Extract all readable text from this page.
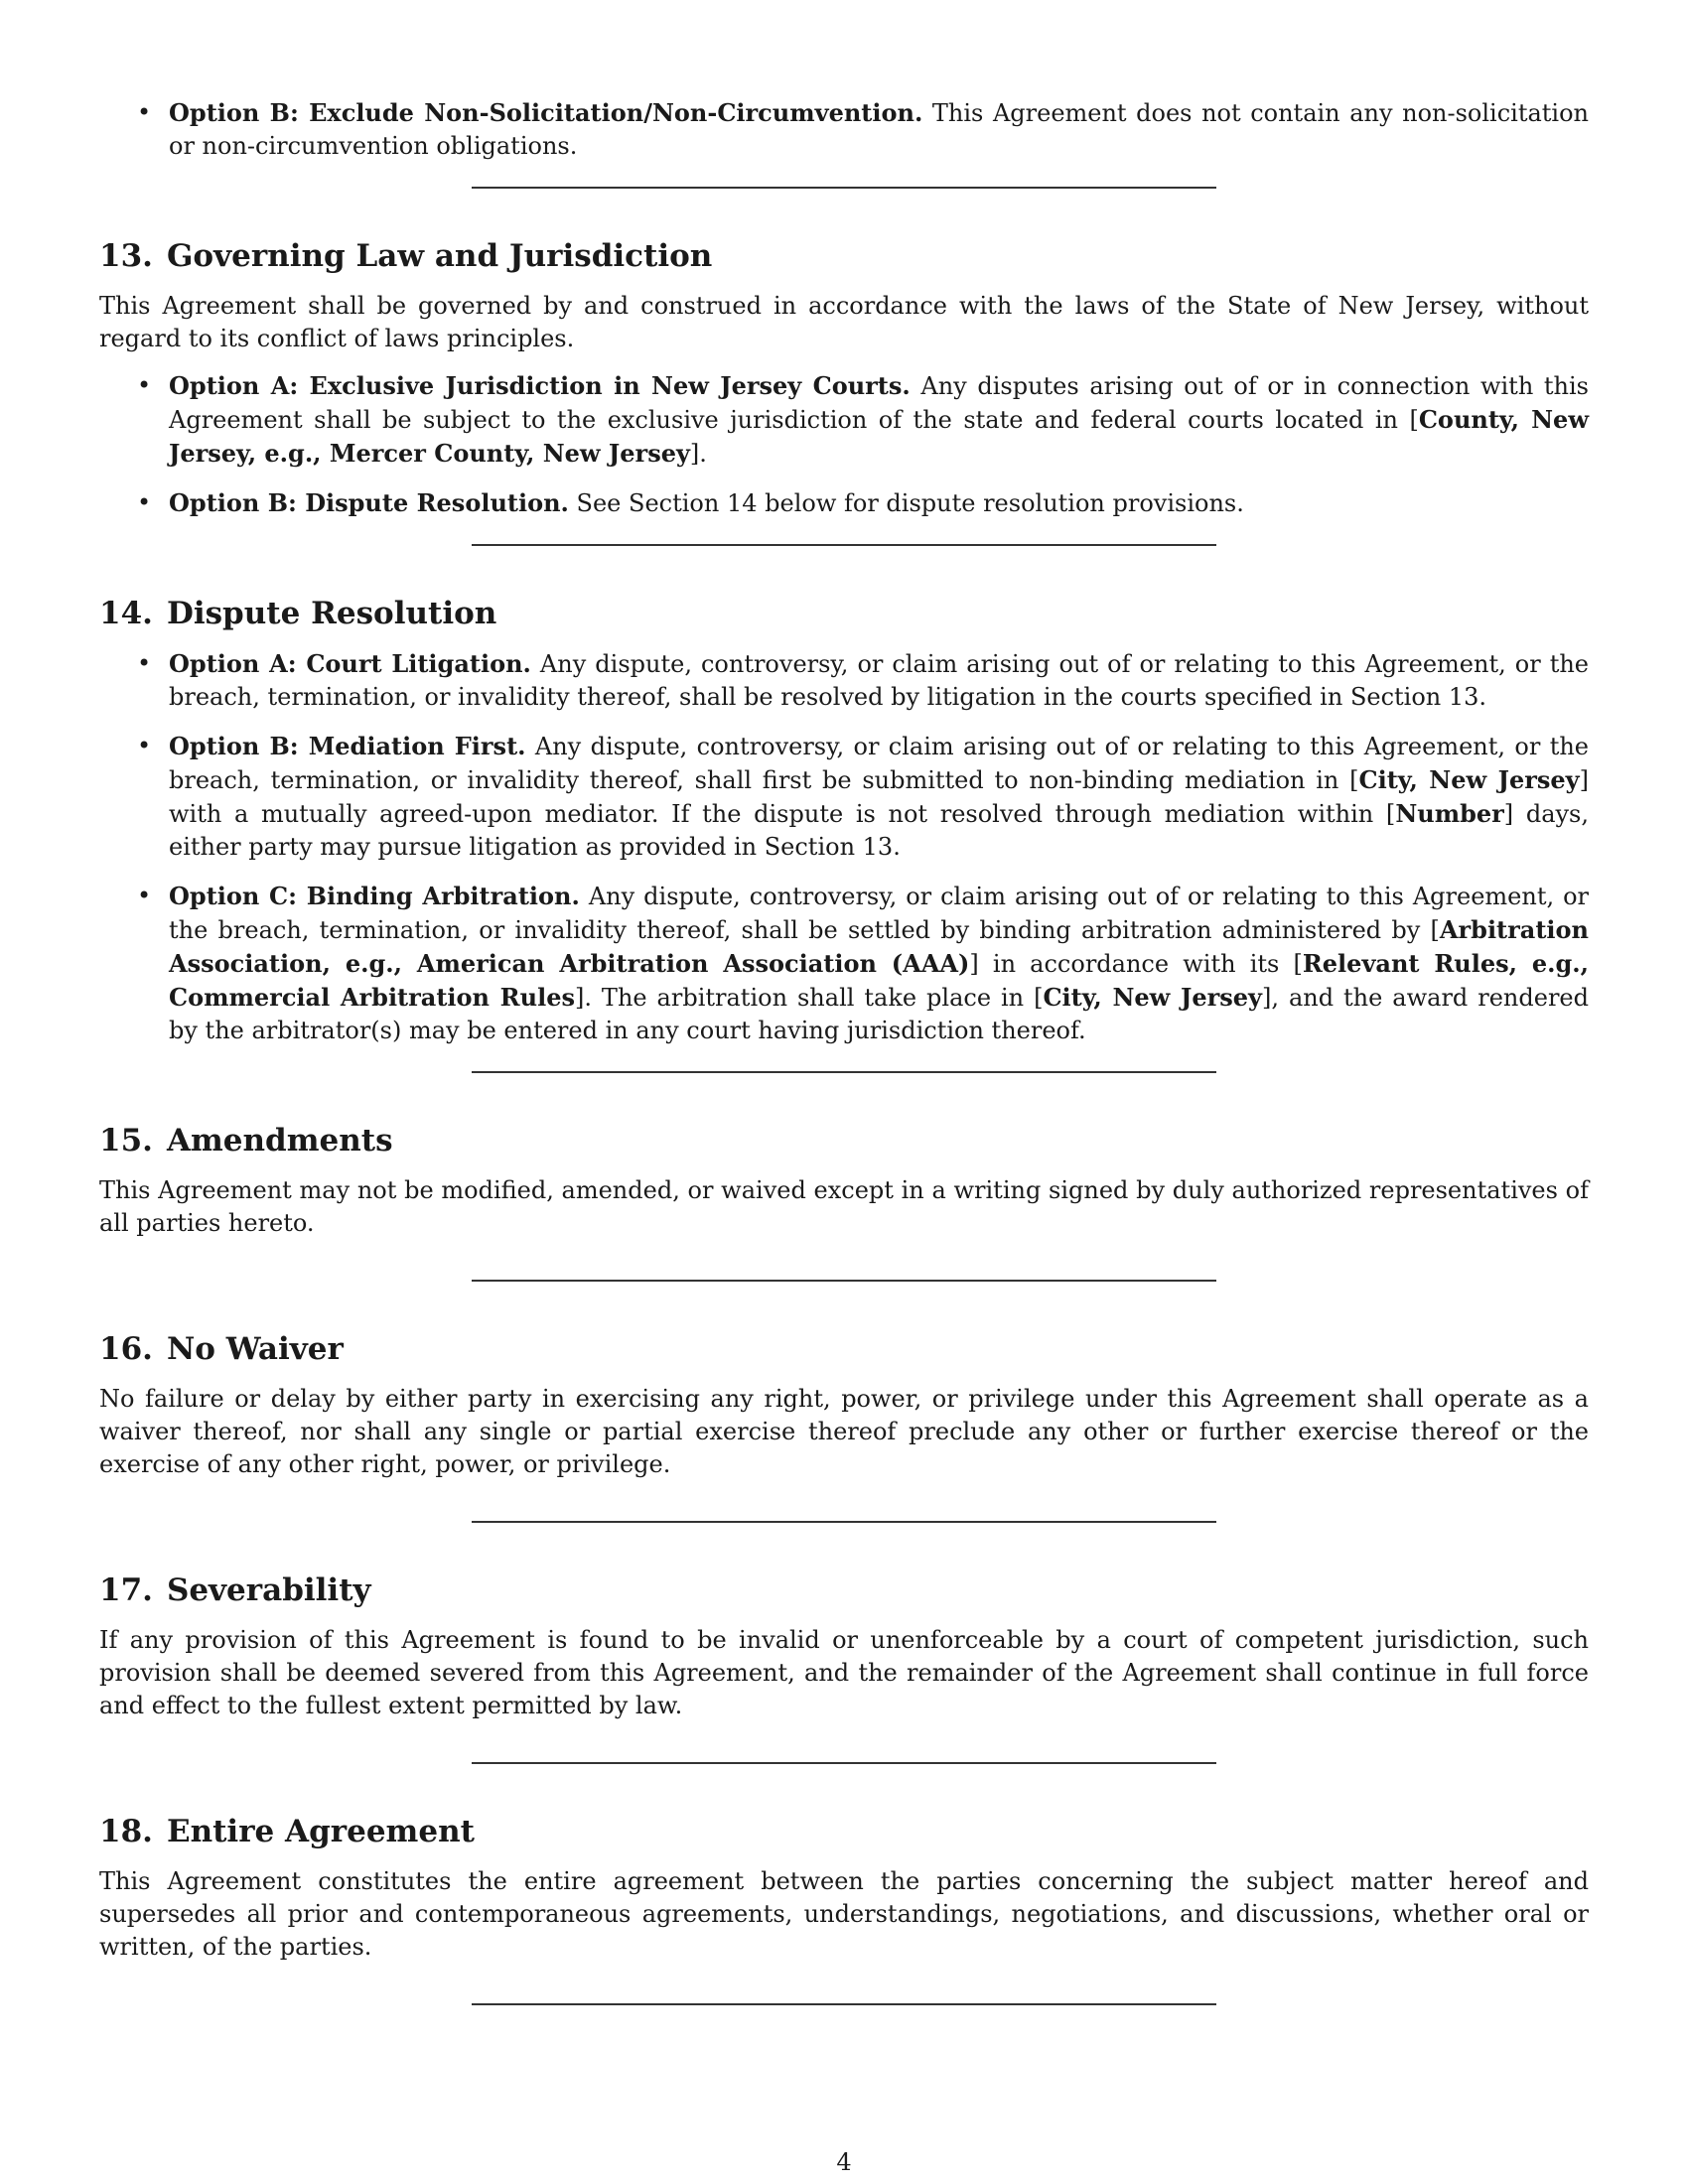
• Option B: Exclude Non-Solicitation/Non-Circumvention. This Agreement does not contain any non-solicitation or non-circumvention obligations.
13. Governing Law and Jurisdiction

This Agreement shall be governed by and construed in accordance with the laws of the State of New Jersey, without regard to its conflict of laws principles.

• Option A: Exclusive Jurisdiction in New Jersey Courts. Any disputes arising out of or in connection with this Agreement shall be subject to the exclusive jurisdiction of the state and federal courts located in [County, New Jersey, e.g., Mercer County, New Jersey].
• Option B: Dispute Resolution. See Section 14 below for dispute resolution provisions.
14. Dispute Resolution
• Option A: Court Litigation. Any dispute, controversy, or claim arising out of or relating to this Agreement, or the breach, termination, or invalidity thereof, shall be resolved by litigation in the courts specified in Section 13.
• Option B: Mediation First. Any dispute, controversy, or claim arising out of or relating to this Agreement, or the breach, termination, or invalidity thereof, shall first be submitted to non-binding mediation in [City, New Jersey] with a mutually agreed-upon mediator. If the dispute is not resolved through mediation within [Number] days, either party may pursue litigation as provided in Section 13.
• Option C: Binding Arbitration. Any dispute, controversy, or claim arising out of or relating to this Agreement, or the breach, termination, or invalidity thereof, shall be settled by binding arbitration administered by [Arbitration Association, e.g., American Arbitration Association (AAA)] in accordance with its [Relevant Rules, e.g., Commercial Arbitration Rules]. The arbitration shall take place in [City, New Jersey], and the award rendered by the arbitrator(s) may be entered in any court having jurisdiction thereof.
15. Amendments

This Agreement may not be modified, amended, or waived except in a writing signed by duly authorized representatives of all parties hereto.

16. No Waiver

No failure or delay by either party in exercising any right, power, or privilege under this Agreement shall operate as a waiver thereof, nor shall any single or partial exercise thereof preclude any other or further exercise thereof or the exercise of any other right, power, or privilege.

17. Severability

If any provision of this Agreement is found to be invalid or unenforceable by a court of competent jurisdiction, such provision shall be deemed severed from this Agreement, and the remainder of the Agreement shall continue in full force and effect to the fullest extent permitted by law.

18. Entire Agreement

This Agreement constitutes the entire agreement between the parties concerning the subject matter hereof and supersedes all prior and contemporaneous agreements, understandings, negotiations, and discussions, whether oral or written, of the parties.

4
